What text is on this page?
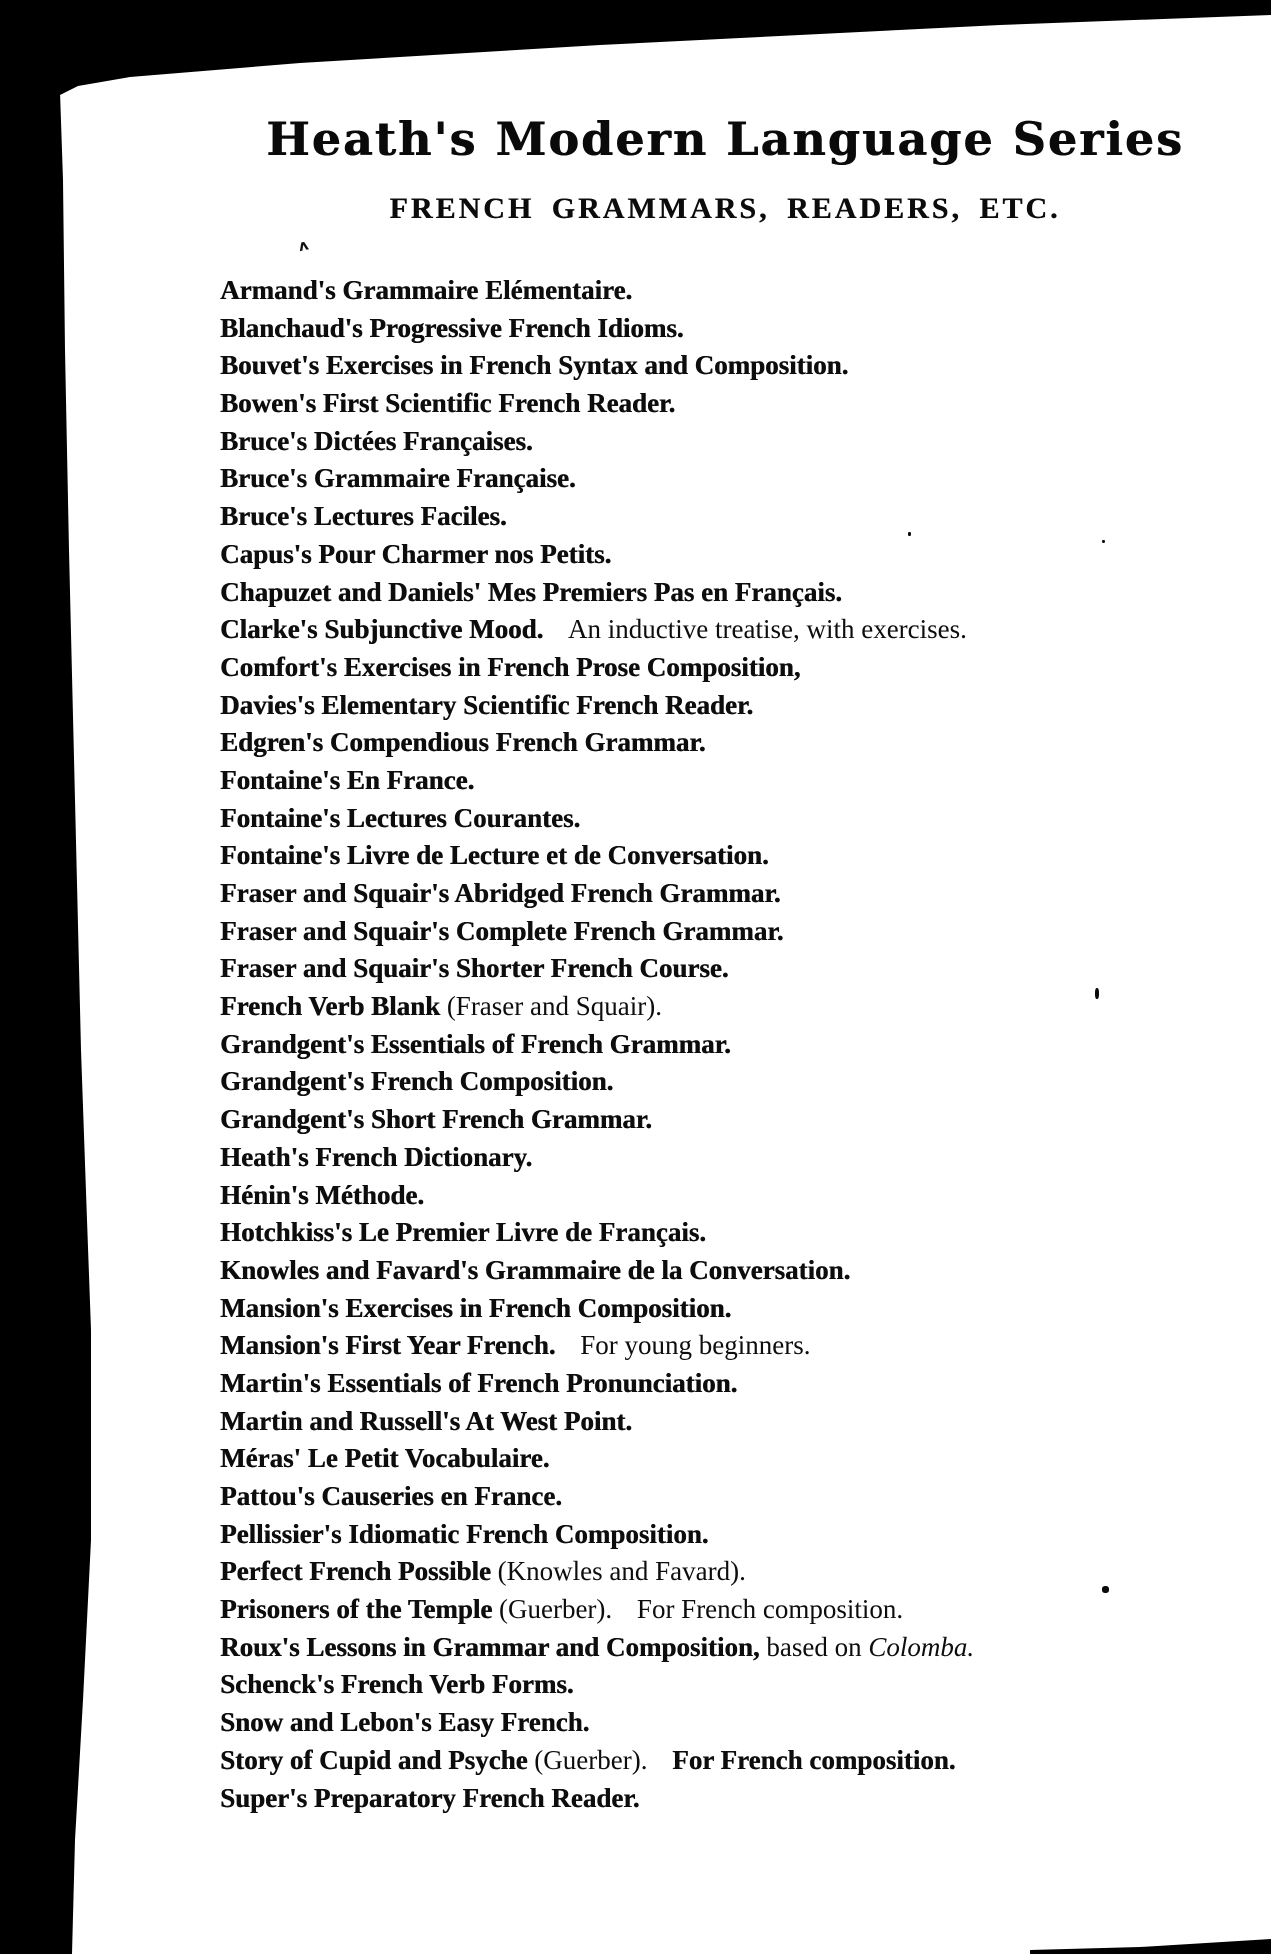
Heath's Modern Language Series
FRENCH GRAMMARS, READERS, ETC.
ʌ
Armand's Grammaire Elémentaire.
Blanchaud's Progressive French Idioms.
Bouvet's Exercises in French Syntax and Composition.
Bowen's First Scientific French Reader.
Bruce's Dictées Françaises.
Bruce's Grammaire Française.
Bruce's Lectures Faciles.
Capus's Pour Charmer nos Petits.
Chapuzet and Daniels' Mes Premiers Pas en Français.
Clarke's Subjunctive Mood. An inductive treatise, with exercises.
Comfort's Exercises in French Prose Composition,
Davies's Elementary Scientific French Reader.
Edgren's Compendious French Grammar.
Fontaine's En France.
Fontaine's Lectures Courantes.
Fontaine's Livre de Lecture et de Conversation.
Fraser and Squair's Abridged French Grammar.
Fraser and Squair's Complete French Grammar.
Fraser and Squair's Shorter French Course.
French Verb Blank (Fraser and Squair).
Grandgent's Essentials of French Grammar.
Grandgent's French Composition.
Grandgent's Short French Grammar.
Heath's French Dictionary.
Hénin's Méthode.
Hotchkiss's Le Premier Livre de Français.
Knowles and Favard's Grammaire de la Conversation.
Mansion's Exercises in French Composition.
Mansion's First Year French. For young beginners.
Martin's Essentials of French Pronunciation.
Martin and Russell's At West Point.
Méras' Le Petit Vocabulaire.
Pattou's Causeries en France.
Pellissier's Idiomatic French Composition.
Perfect French Possible (Knowles and Favard).
Prisoners of the Temple (Guerber). For French composition.
Roux's Lessons in Grammar and Composition, based on Colomba.
Schenck's French Verb Forms.
Snow and Lebon's Easy French.
Story of Cupid and Psyche (Guerber). For French composition.
Super's Preparatory French Reader.
